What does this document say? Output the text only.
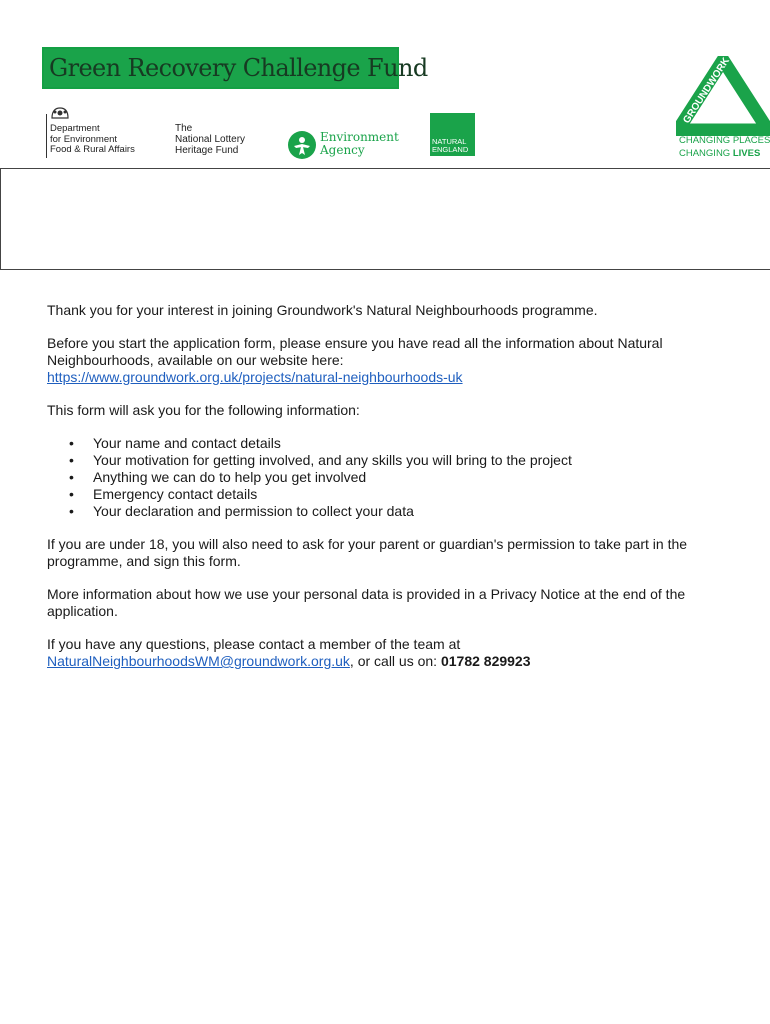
Green Recovery Challenge Fund
Department
for Environment
Food & Rural Affairs
The
National Lottery
Heritage Fund
Environment
Agency
NATURAL
ENGLAND
GROUNDWORK
CHANGING PLACES
CHANGING LIVES

Thank you for your interest in joining Groundwork's Natural Neighbourhoods programme.

Before you start the application form, please ensure you have read all the information about Natural Neighbourhoods, available on our website here:
https://www.groundwork.org.uk/projects/natural-neighbourhoods-uk

This form will ask you for the following information:

• Your name and contact details
• Your motivation for getting involved, and any skills you will bring to the project
• Anything we can do to help you get involved
• Emergency contact details
• Your declaration and permission to collect your data

If you are under 18, you will also need to ask for your parent or guardian's permission to take part in the programme, and sign this form.

More information about how we use your personal data is provided in a Privacy Notice at the end of the application.

If you have any questions, please contact a member of the team at
NaturalNeighbourhoodsWM@groundwork.org.uk, or call us on: 01782 829923
